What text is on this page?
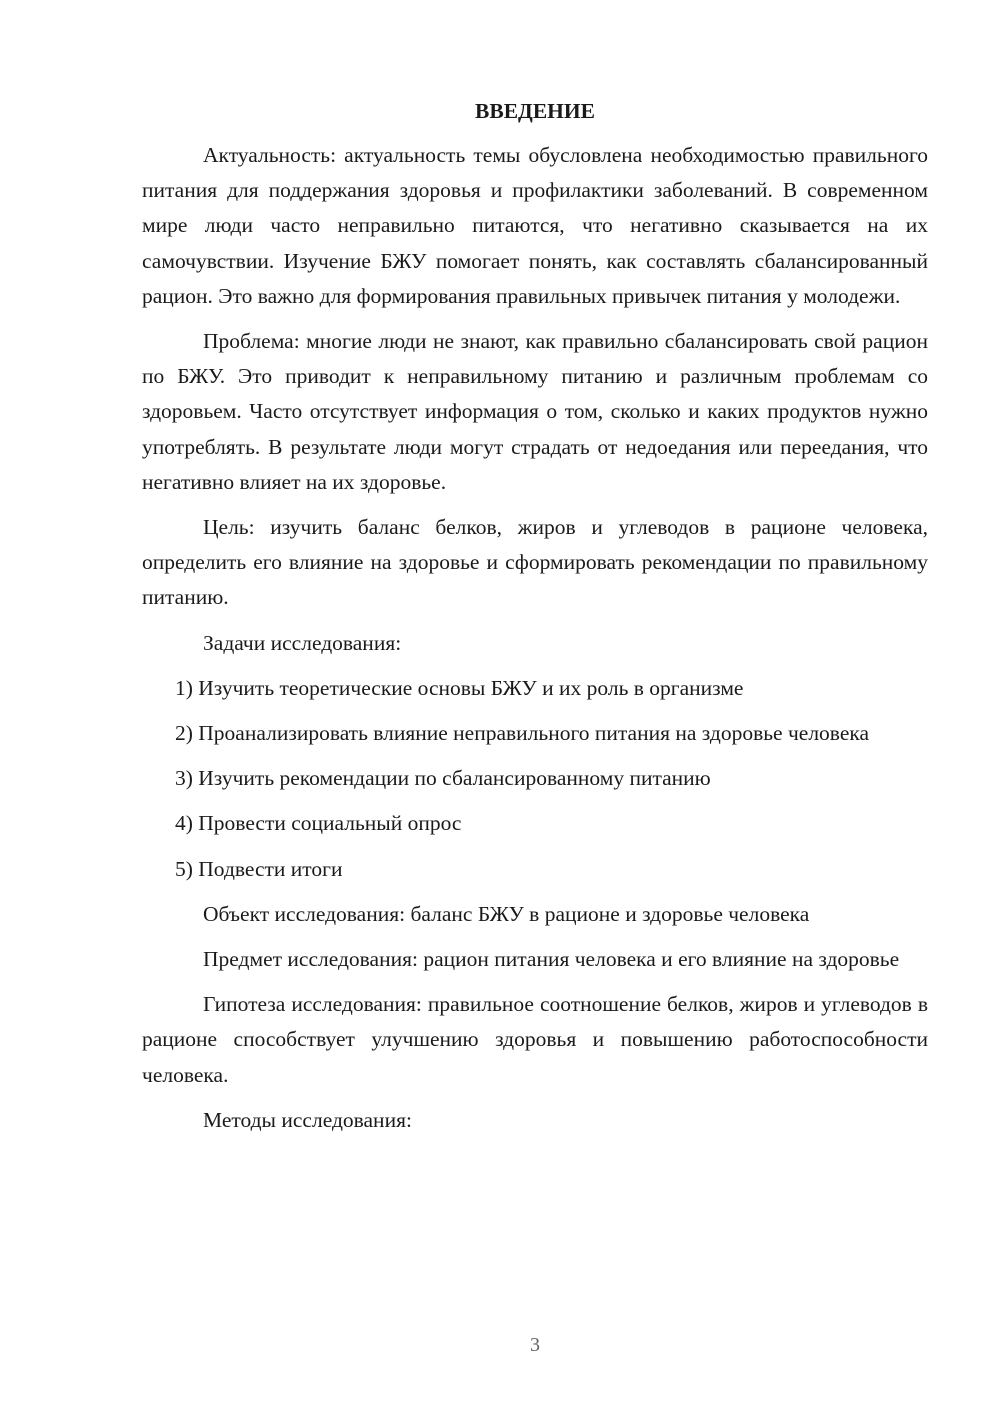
ВВЕДЕНИЕ

Актуальность: актуальность темы обусловлена необходимостью правильного питания для поддержания здоровья и профилактики заболеваний. В современном мире люди часто неправильно питаются, что негативно сказывается на их самочувствии. Изучение БЖУ помогает понять, как составлять сбалансированный рацион. Это важно для формирования правильных привычек питания у молодежи.

Проблема: многие люди не знают, как правильно сбалансировать свой рацион по БЖУ. Это приводит к неправильному питанию и различным проблемам со здоровьем. Часто отсутствует информация о том, сколько и каких продуктов нужно употреблять. В результате люди могут страдать от недоедания или переедания, что негативно влияет на их здоровье.

Цель: изучить баланс белков, жиров и углеводов в рационе человека, определить его влияние на здоровье и сформировать рекомендации по правильному питанию.

Задачи исследования:

1) Изучить теоретические основы БЖУ и их роль в организме

2) Проанализировать влияние неправильного питания на здоровье человека

3) Изучить рекомендации по сбалансированному питанию

4) Провести социальный опрос

5) Подвести итоги

Объект исследования: баланс БЖУ в рационе и здоровье человека

Предмет исследования: рацион питания человека и его влияние на здоровье

Гипотеза исследования: правильное соотношение белков, жиров и углеводов в рационе способствует улучшению здоровья и повышению работоспособности человека.

Методы исследования:

3
